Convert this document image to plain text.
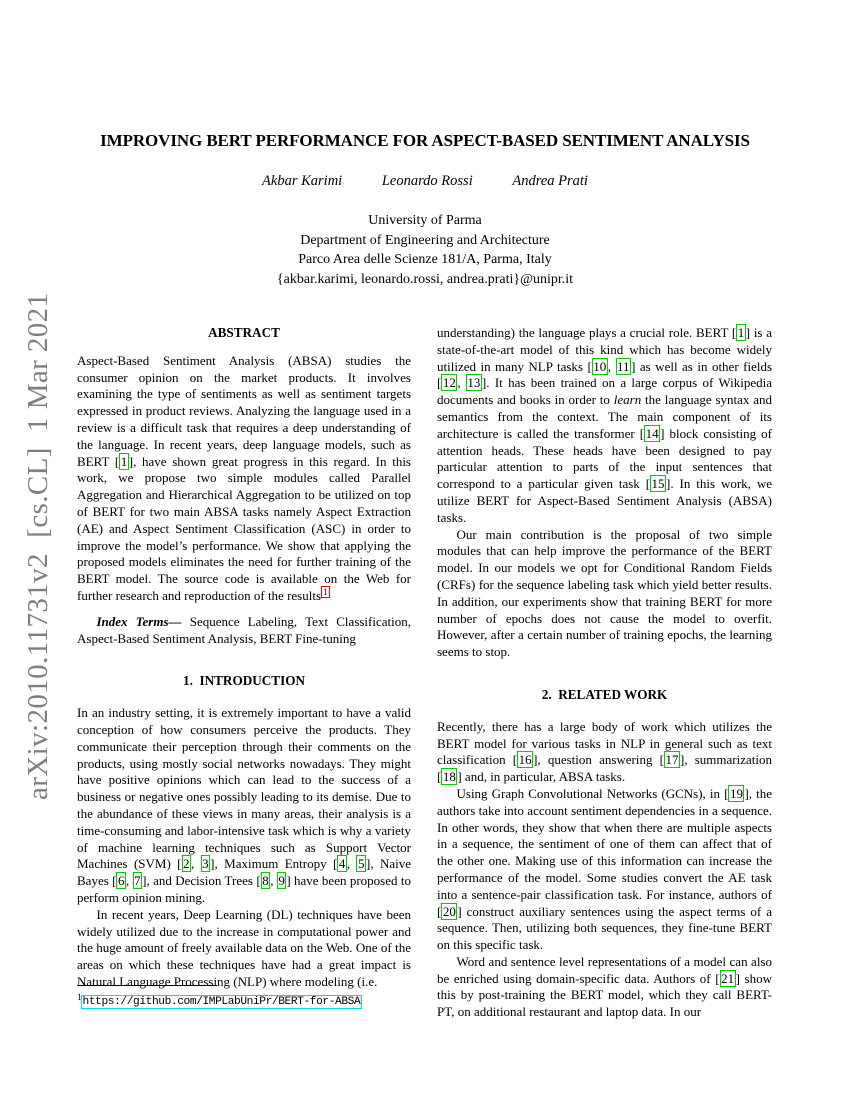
arXiv:2010.11731v2  [cs.CL]  1 Mar 2021
IMPROVING BERT PERFORMANCE FOR ASPECT-BASED SENTIMENT ANALYSIS
Akbar Karimi	Leonardo Rossi	Andrea Prati
University of Parma
Department of Engineering and Architecture
Parco Area delle Scienze 181/A, Parma, Italy
{akbar.karimi, leonardo.rossi, andrea.prati}@unipr.it
ABSTRACT

Aspect-Based Sentiment Analysis (ABSA) studies the consumer opinion on the market products. It involves examining the type of sentiments as well as sentiment targets expressed in product reviews. Analyzing the language used in a review is a difficult task that requires a deep understanding of the language. In recent years, deep language models, such as BERT [ 1 ], have shown great progress in this regard. In this work, we propose two simple modules called Parallel Aggregation and Hierarchical Aggregation to be utilized on top of BERT for two main ABSA tasks namely Aspect Extraction (AE) and Aspect Sentiment Classification (ASC) in order to improve the model’s performance. We show that applying the proposed models eliminates the need for further training of the BERT model. The source code is available on the Web for further research and reproduction of the results $^1$

Index Terms— Sequence Labeling, Text Classification, Aspect-Based Sentiment Analysis, BERT Fine-tuning

1.  INTRODUCTION

In an industry setting, it is extremely important to have a valid conception of how consumers perceive the products. They communicate their perception through their comments on the products, using mostly social networks nowadays. They might have positive opinions which can lead to the success of a business or negative ones possibly leading to its demise. Due to the abundance of these views in many areas, their analysis is a time-consuming and labor-intensive task which is why a variety of machine learning techniques such as Support Vector Machines (SVM) [ 2 , 3 ], Maximum Entropy [ 4 , 5 ], Naive Bayes [ 6 , 7 ], and Decision Trees [ 8 , 9 ] have been proposed to perform opinion mining.

In recent years, Deep Learning (DL) techniques have been widely utilized due to the increase in computational power and the huge amount of freely available data on the Web. One of the areas on which these techniques have had a great impact is Natural Language Processing (NLP) where modeling (i.e.

understanding) the language plays a crucial role. BERT [ 1 ] is a state-of-the-art model of this kind which has become widely utilized in many NLP tasks [ 10 , 11 ] as well as in other fields [ 12 , 13 ]. It has been trained on a large corpus of Wikipedia documents and books in order to learn the language syntax and semantics from the context. The main component of its architecture is called the transformer [ 14 ] block consisting of attention heads. These heads have been designed to pay particular attention to parts of the input sentences that correspond to a particular given task [ 15 ]. In this work, we utilize BERT for Aspect-Based Sentiment Analysis (ABSA) tasks.

Our main contribution is the proposal of two simple modules that can help improve the performance of the BERT model. In our models we opt for Conditional Random Fields (CRFs) for the sequence labeling task which yield better results. In addition, our experiments show that training BERT for more number of epochs does not cause the model to overfit. However, after a certain number of training epochs, the learning seems to stop.

2.  RELATED WORK

Recently, there has a large body of work which utilizes the BERT model for various tasks in NLP in general such as text classification [ 16 ], question answering [ 17 ], summarization [ 18 ] and, in particular, ABSA tasks.

Using Graph Convolutional Networks (GCNs), in [ 19 ], the authors take into account sentiment dependencies in a sequence. In other words, they show that when there are multiple aspects in a sequence, the sentiment of one of them can affect that of the other one. Making use of this information can increase the performance of the model. Some studies convert the AE task into a sentence-pair classification task. For instance, authors of [ 20 ] construct auxiliary sentences using the aspect terms of a sequence. Then, utilizing both sequences, they fine-tune BERT on this specific task.

Word and sentence level representations of a model can also be enriched using domain-specific data. Authors of [ 21 ] show this by post-training the BERT model, which they call BERT-PT, on additional restaurant and laptop data. In our

$^1$https://github.com/IMPLabUniPr/BERT-for-ABSA
